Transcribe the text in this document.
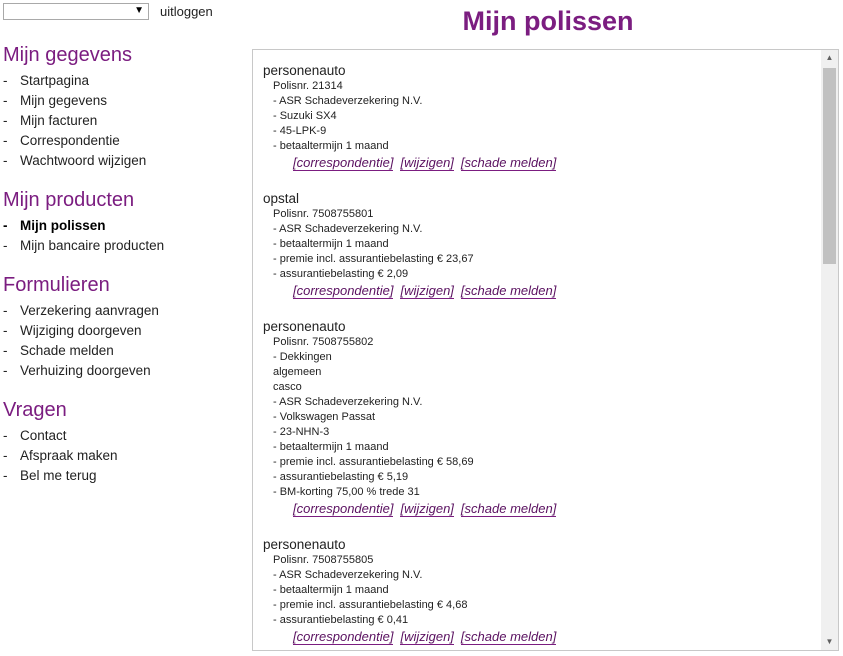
▼ uitloggen	Mijn polissen
Mijn gegevens
- Startpagina
- Mijn gegevens
- Mijn facturen
- Correspondentie
- Wachtwoord wijzigen
Mijn producten
- Mijn polissen
- Mijn bancaire producten
Formulieren
- Verzekering aanvragen
- Wijziging doorgeven
- Schade melden
- Verhuizing doorgeven
Vragen
- Contact
- Afspraak maken
- Bel me terug
personenauto
Polisnr. 21314
- ASR Schadeverzekering N.V.
- Suzuki SX4
- 45-LPK-9
- betaaltermijn 1 maand
[correspondentie] [wijzigen] [schade melden]
opstal
Polisnr. 7508755801
- ASR Schadeverzekering N.V.
- betaaltermijn 1 maand
- premie incl. assurantiebelasting € 23,67
- assurantiebelasting € 2,09
[correspondentie] [wijzigen] [schade melden]
personenauto
Polisnr. 7508755802
- Dekkingen
algemeen
casco
- ASR Schadeverzekering N.V.
- Volkswagen Passat
- 23-NHN-3
- betaaltermijn 1 maand
- premie incl. assurantiebelasting € 58,69
- assurantiebelasting € 5,19
- BM-korting 75,00 % trede 31
[correspondentie] [wijzigen] [schade melden]
personenauto
Polisnr. 7508755805
- ASR Schadeverzekering N.V.
- betaaltermijn 1 maand
- premie incl. assurantiebelasting € 4,68
- assurantiebelasting € 0,41
[correspondentie] [wijzigen] [schade melden]
▲
▼
